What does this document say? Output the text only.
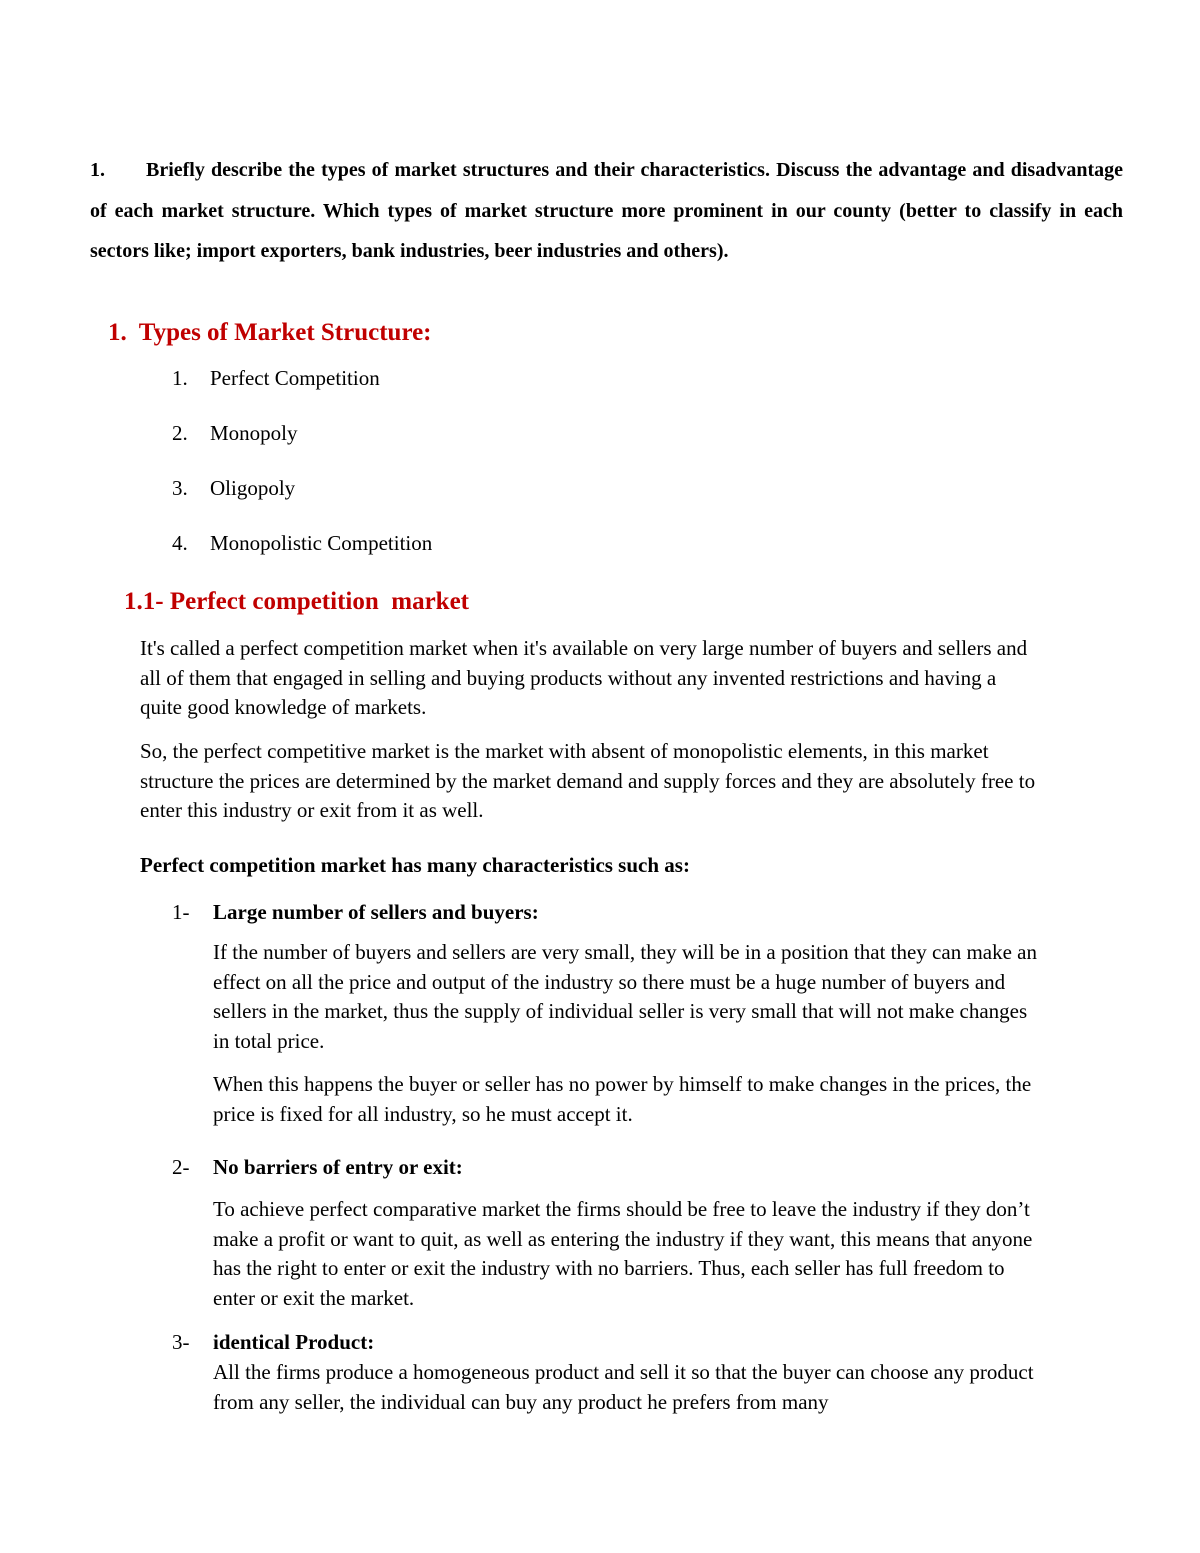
1. Briefly describe the types of market structures and their characteristics. Discuss the advantage and disadvantage of each market structure. Which types of market structure more prominent in our county (better to classify in each sectors like; import exporters, bank industries, beer industries and others).
1. Types of Market Structure:
1. Perfect Competition
2. Monopoly
3. Oligopoly
4. Monopolistic Competition
1.1- Perfect competition  market
It's called a perfect competition market when it's available on very large number of buyers and sellers and all of them that engaged in selling and buying products without any invented restrictions and having a quite good knowledge of markets.
So, the perfect competitive market is the market with absent of monopolistic elements, in this market structure the prices are determined by the market demand and supply forces and they are absolutely free to enter this industry or exit from it as well.
Perfect competition market has many characteristics such as:
1- Large number of sellers and buyers:
If the number of buyers and sellers are very small, they will be in a position that they can make an effect on all the price and output of the industry so there must be a huge number of buyers and sellers in the market, thus the supply of individual seller is very small that will not make changes in total price.
When this happens the buyer or seller has no power by himself to make changes in the prices, the price is fixed for all industry, so he must accept it.
2- No barriers of entry or exit:
To achieve perfect comparative market the firms should be free to leave the industry if they don’t make a profit or want to quit, as well as entering the industry if they want, this means that anyone has the right to enter or exit the industry with no barriers. Thus, each seller has full freedom to enter or exit the market.
3- identical Product:
All the firms produce a homogeneous product and sell it so that the buyer can choose any product from any seller, the individual can buy any product he prefers from many
